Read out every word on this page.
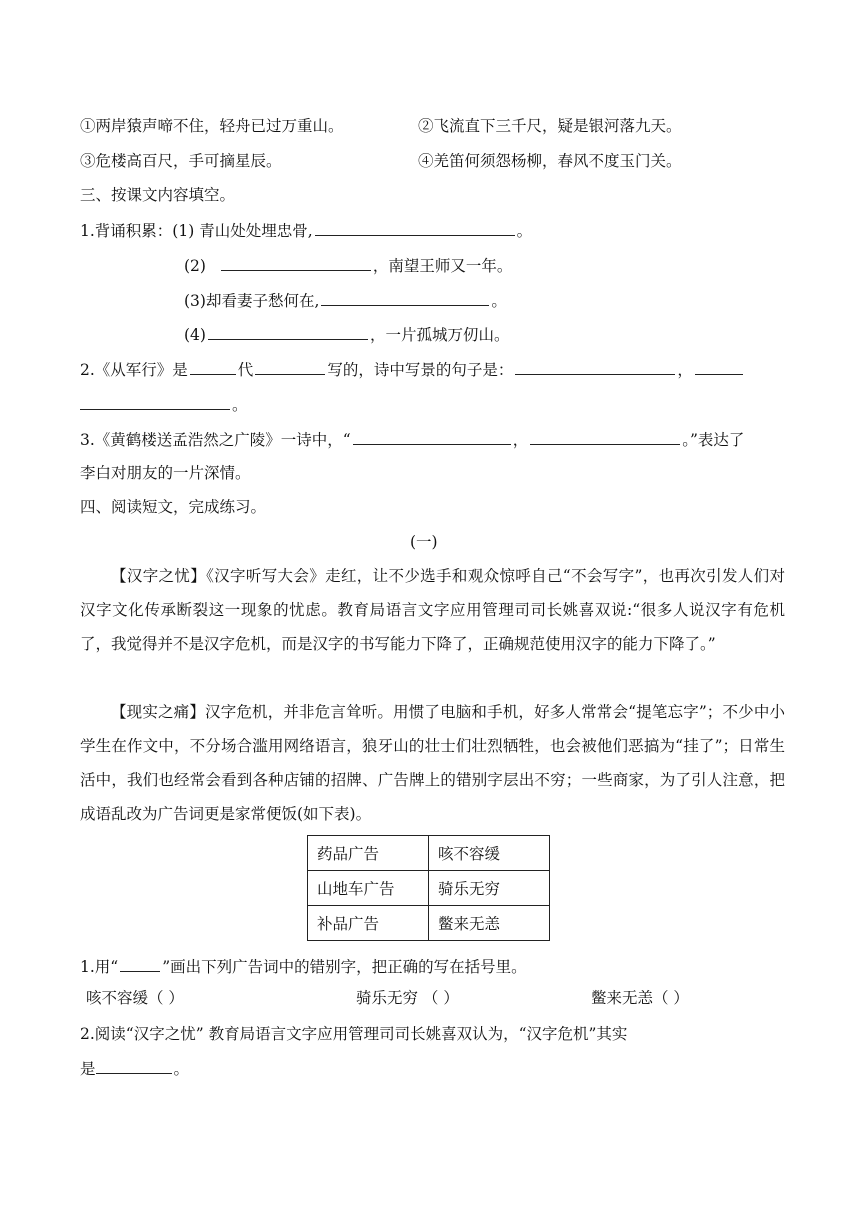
①两岸猿声啼不住，轻舟已过万重山。	②飞流直下三千尺，疑是银河落九天。
③危楼高百尺，手可摘星辰。	④羌笛何须怨杨柳，春风不度玉门关。
三、按课文内容填空。
1.背诵积累：(1) 青山处处埋忠骨,	。
(2)	，南望王师又一年。
(3)却看妻子愁何在,	。
(4)	，一片孤城万仞山。
2.《从军行》是	代	写的，诗中写景的句子是：	，
。
3.《黄鹤楼送孟浩然之广陵》一诗中，“	，	。”表达了
李白对朋友的一片深情。
四、阅读短文，完成练习。
(一)
【汉字之忧】《汉字听写大会》走红，让不少选手和观众惊呼自己“不会写字”，也再次引发人们对汉字文化传承断裂这一现象的忧虑。教育局语言文字应用管理司司长姚喜双说:“很多人说汉字有危机了，我觉得并不是汉字危机，而是汉字的书写能力下降了，正确规范使用汉字的能力下降了。”
【现实之痛】汉字危机，并非危言耸听。用惯了电脑和手机，好多人常常会“提笔忘字”；不少中小学生在作文中，不分场合滥用网络语言，狼牙山的壮士们壮烈牺牲，也会被他们恶搞为“挂了”；日常生活中，我们也经常会看到各种店铺的招牌、广告牌上的错别字层出不穷；一些商家，为了引人注意，把成语乱改为广告词更是家常便饭(如下表)。
药品广告	咳不容缓
山地车广告	骑乐无穷
补品广告	鳖来无恙
1.用“	”画出下列广告词中的错别字，把正确的写在括号里。
咳不容缓（ ）	骑乐无穷 （ ）	鳖来无恙（ ）
2.阅读“汉字之忧” 教育局语言文字应用管理司司长姚喜双认为，“汉字危机”其实
是	。
